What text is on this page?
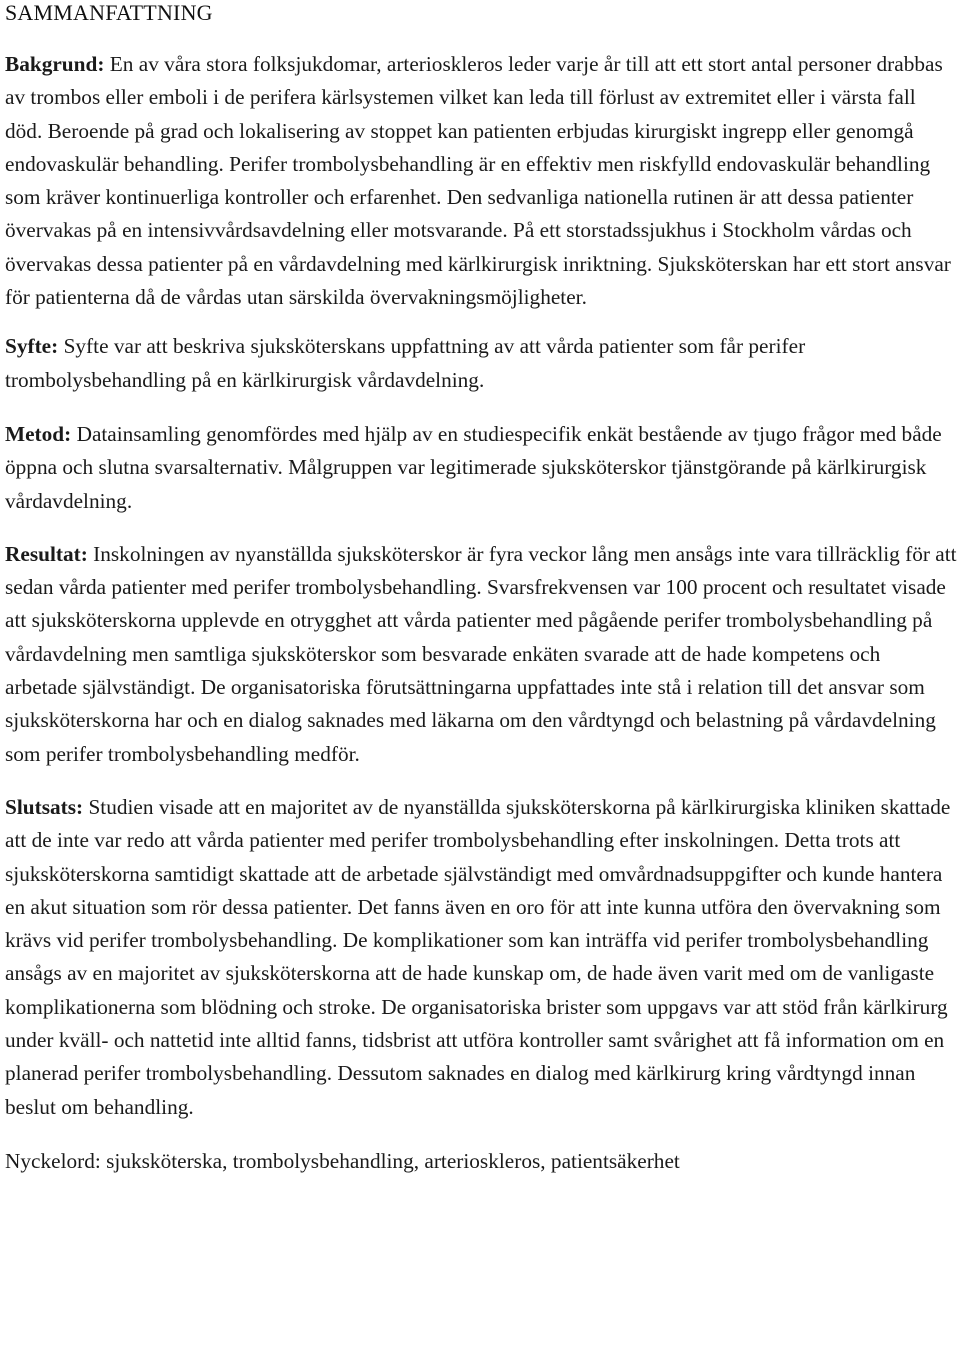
SAMMANFATTNING

Bakgrund: En av våra stora folksjukdomar, arterioskleros leder varje år till att ett stort antal personer drabbas av trombos eller emboli i de perifera kärlsystemen vilket kan leda till förlust av extremitet eller i värsta fall död. Beroende på grad och lokalisering av stoppet kan patienten erbjudas kirurgiskt ingrepp eller genomgå endovaskulär behandling. Perifer trombolysbehandling är en effektiv men riskfylld endovaskulär behandling som kräver kontinuerliga kontroller och erfarenhet. Den sedvanliga nationella rutinen är att dessa patienter övervakas på en intensivvårdsavdelning eller motsvarande. På ett storstadssjukhus i Stockholm vårdas och övervakas dessa patienter på en vårdavdelning med kärlkirurgisk inriktning. Sjuksköterskan har ett stort ansvar för patienterna då de vårdas utan särskilda övervakningsmöjligheter.

Syfte: Syfte var att beskriva sjuksköterskans uppfattning av att vårda patienter som får perifer trombolysbehandling på en kärlkirurgisk vårdavdelning.

Metod: Datainsamling genomfördes med hjälp av en studiespecifik enkät bestående av tjugo frågor med både öppna och slutna svarsalternativ. Målgruppen var legitimerade sjuksköterskor tjänstgörande på kärlkirurgisk vårdavdelning.

Resultat: Inskolningen av nyanställda sjuksköterskor är fyra veckor lång men ansågs inte vara tillräcklig för att sedan vårda patienter med perifer trombolysbehandling. Svarsfrekvensen var 100 procent och resultatet visade att sjuksköterskorna upplevde en otrygghet att vårda patienter med pågående perifer trombolysbehandling på vårdavdelning men samtliga sjuksköterskor som besvarade enkäten svarade att de hade kompetens och arbetade självständigt. De organisatoriska förutsättningarna uppfattades inte stå i relation till det ansvar som sjuksköterskorna har och en dialog saknades med läkarna om den vårdtyngd och belastning på vårdavdelning som perifer trombolysbehandling medför.

Slutsats: Studien visade att en majoritet av de nyanställda sjuksköterskorna på kärlkirurgiska kliniken skattade att de inte var redo att vårda patienter med perifer trombolysbehandling efter inskolningen. Detta trots att sjuksköterskorna samtidigt skattade att de arbetade självständigt med omvårdnadsuppgifter och kunde hantera en akut situation som rör dessa patienter. Det fanns även en oro för att inte kunna utföra den övervakning som krävs vid perifer trombolysbehandling. De komplikationer som kan inträffa vid perifer trombolysbehandling ansågs av en majoritet av sjuksköterskorna att de hade kunskap om, de hade även varit med om de vanligaste komplikationerna som blödning och stroke. De organisatoriska brister som uppgavs var att stöd från kärlkirurg under kväll- och nattetid inte alltid fanns, tidsbrist att utföra kontroller samt svårighet att få information om en planerad perifer trombolysbehandling. Dessutom saknades en dialog med kärlkirurg kring vårdtyngd innan beslut om behandling.

Nyckelord: sjuksköterska, trombolysbehandling, arterioskleros, patientsäkerhet
